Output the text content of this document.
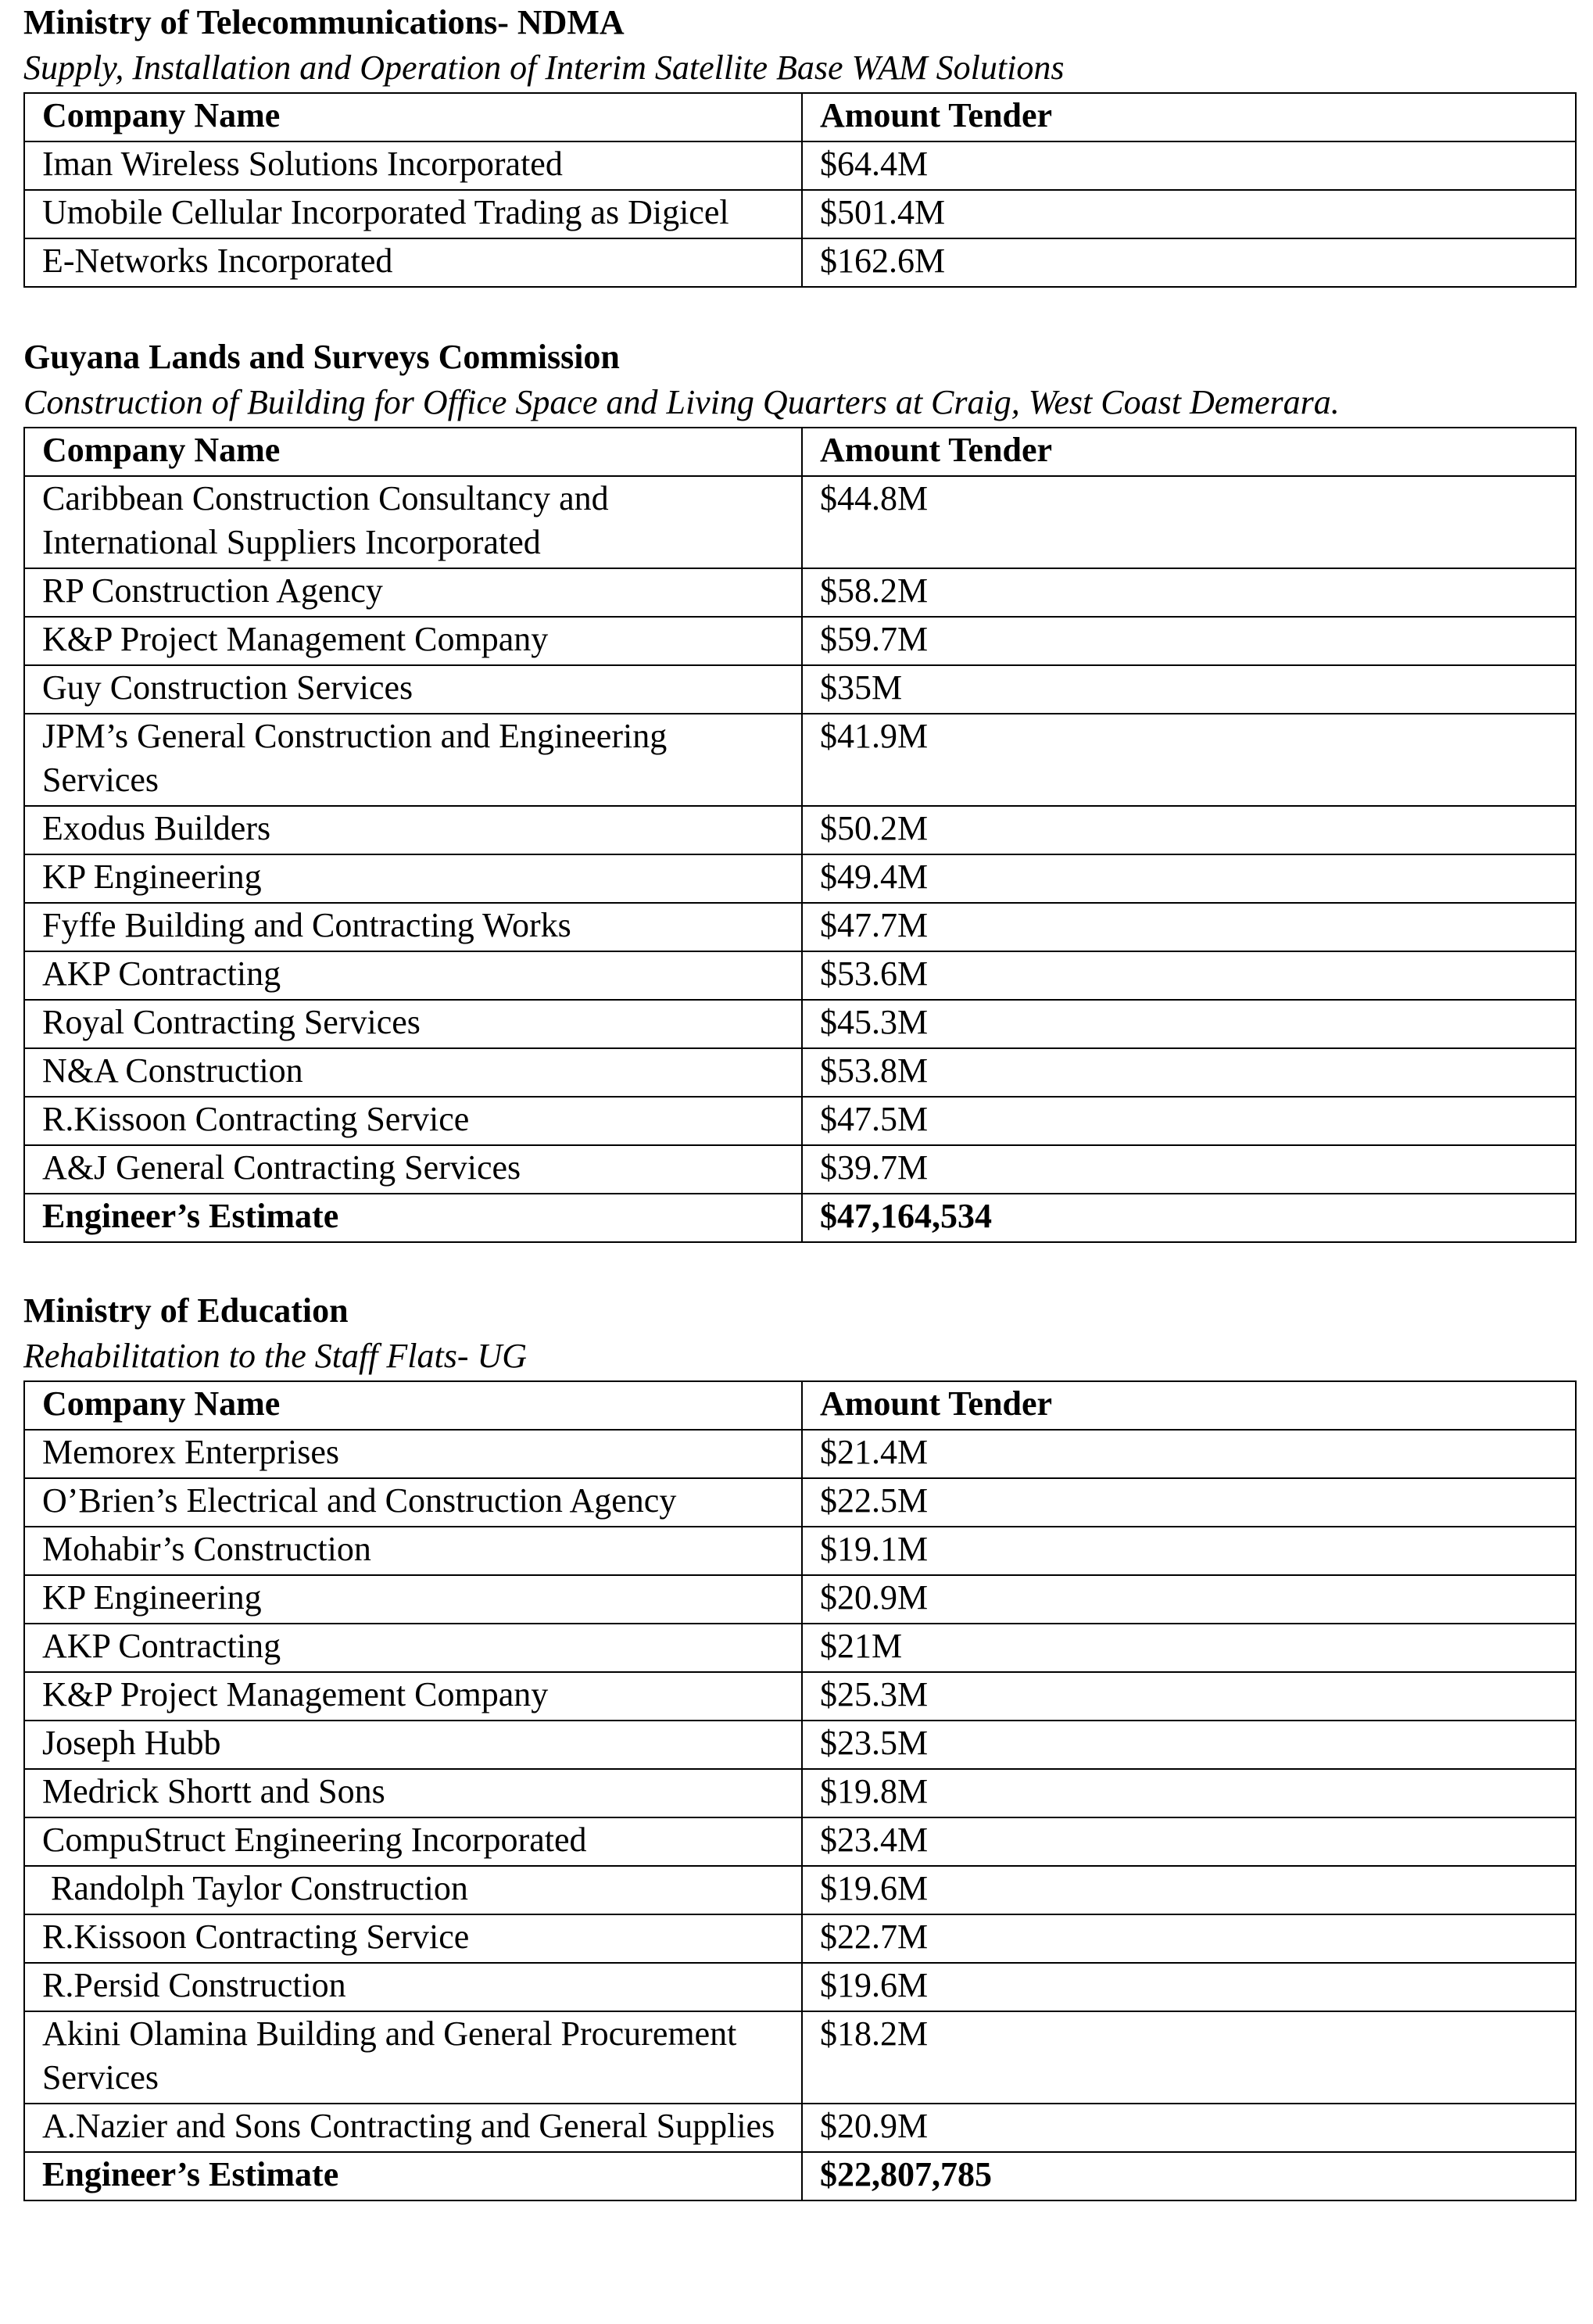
Ministry of Telecommunications- NDMA

Supply, Installation and Operation of Interim Satellite Base WAM Solutions

Company Name	Amount Tender
Iman Wireless Solutions Incorporated	$64.4M
Umobile Cellular Incorporated Trading as Digicel	$501.4M
E-Networks Incorporated	$162.6M

Guyana Lands and Surveys Commission

Construction of Building for Office Space and Living Quarters at Craig, West Coast Demerara.

Company Name	Amount Tender
Caribbean Construction Consultancy and International Suppliers Incorporated	$44.8M
RP Construction Agency	$58.2M
K&P Project Management Company	$59.7M
Guy Construction Services	$35M
JPM’s General Construction and Engineering Services	$41.9M
Exodus Builders	$50.2M
KP Engineering	$49.4M
Fyffe Building and Contracting Works	$47.7M
AKP Contracting	$53.6M
Royal Contracting Services	$45.3M
N&A Construction	$53.8M
R.Kissoon Contracting Service	$47.5M
A&J General Contracting Services	$39.7M
Engineer’s Estimate	$47,164,534

Ministry of Education

Rehabilitation to the Staff Flats- UG

Company Name	Amount Tender
Memorex Enterprises	$21.4M
O’Brien’s Electrical and Construction Agency	$22.5M
Mohabir’s Construction	$19.1M
KP Engineering	$20.9M
AKP Contracting	$21M
K&P Project Management Company	$25.3M
Joseph Hubb	$23.5M
Medrick Shortt and Sons	$19.8M
CompuStruct Engineering Incorporated	$23.4M
Randolph Taylor Construction	$19.6M
R.Kissoon Contracting Service	$22.7M
R.Persid Construction	$19.6M
Akini Olamina Building and General Procurement Services	$18.2M
A.Nazier and Sons Contracting and General Supplies	$20.9M
Engineer’s Estimate	$22,807,785
